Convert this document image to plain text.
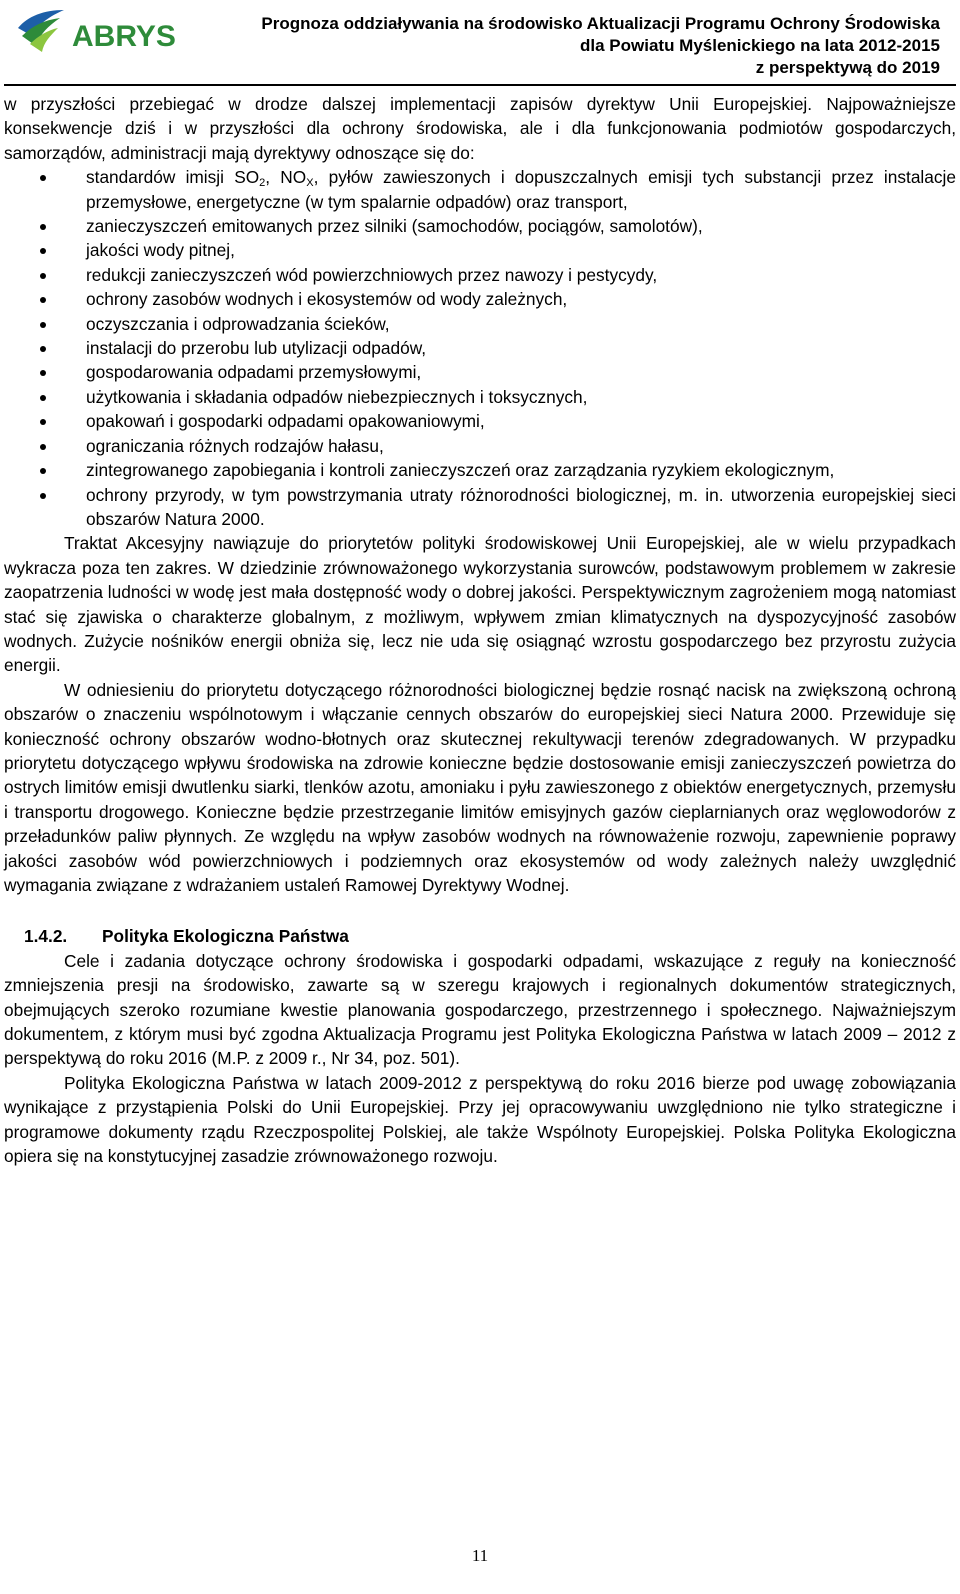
ABRYS	Prognoza oddziaływania na środowisko Aktualizacji Programu Ochrony Środowiska
dla Powiatu Myślenickiego na lata 2012-2015
z perspektywą do 2019

w przyszłości przebiegać w drodze dalszej implementacji zapisów dyrektyw Unii Europejskiej. Najpoważniejsze konsekwencje dziś i w przyszłości dla ochrony środowiska, ale i dla funkcjonowania podmiotów gospodarczych, samorządów, administracji mają dyrektywy odnoszące się do:

standardów imisji $SO_2$, $NO_X$, pyłów zawieszonych i dopuszczalnych emisji tych substancji przez instalacje przemysłowe, energetyczne (w tym spalarnie odpadów) oraz transport,
zanieczyszczeń emitowanych przez silniki (samochodów, pociągów, samolotów),
jakości wody pitnej,
redukcji zanieczyszczeń wód powierzchniowych przez nawozy i pestycydy,
ochrony zasobów wodnych i ekosystemów od wody zależnych,
oczyszczania i odprowadzania ścieków,
instalacji do przerobu lub utylizacji odpadów,
gospodarowania odpadami przemysłowymi,
użytkowania i składania odpadów niebezpiecznych i toksycznych,
opakowań i gospodarki odpadami opakowaniowymi,
ograniczania różnych rodzajów hałasu,
zintegrowanego zapobiegania i kontroli zanieczyszczeń oraz zarządzania ryzykiem ekologicznym,
ochrony przyrody, w tym powstrzymania utraty różnorodności biologicznej, m. in. utworzenia europejskiej sieci obszarów Natura 2000.

Traktat Akcesyjny nawiązuje do priorytetów polityki środowiskowej Unii Europejskiej, ale w wielu przypadkach wykracza poza ten zakres. W dziedzinie zrównoważonego wykorzystania surowców, podstawowym problemem w zakresie zaopatrzenia ludności w wodę jest mała dostępność wody o dobrej jakości. Perspektywicznym zagrożeniem mogą natomiast stać się zjawiska o charakterze globalnym, z możliwym, wpływem zmian klimatycznych na dyspozycyjność zasobów wodnych. Zużycie nośników energii obniża się, lecz nie uda się osiągnąć wzrostu gospodarczego bez przyrostu zużycia energii.

W odniesieniu do priorytetu dotyczącego różnorodności biologicznej będzie rosnąć nacisk na zwiększoną ochroną obszarów o znaczeniu wspólnotowym i włączanie cennych obszarów do europejskiej sieci Natura 2000. Przewiduje się konieczność ochrony obszarów wodno-błotnych oraz skutecznej rekultywacji terenów zdegradowanych. W przypadku priorytetu dotyczącego wpływu środowiska na zdrowie konieczne będzie dostosowanie emisji zanieczyszczeń powietrza do ostrych limitów emisji dwutlenku siarki, tlenków azotu, amoniaku i pyłu zawieszonego z obiektów energetycznych, przemysłu i transportu drogowego. Konieczne będzie przestrzeganie limitów emisyjnych gazów cieplarnianych oraz węglowodorów z przeładunków paliw płynnych. Ze względu na wpływ zasobów wodnych na równoważenie rozwoju, zapewnienie poprawy jakości zasobów wód powierzchniowych i podziemnych oraz ekosystemów od wody zależnych należy uwzględnić wymagania związane z wdrażaniem ustaleń Ramowej Dyrektywy Wodnej.

1.4.2. Polityka Ekologiczna Państwa

Cele i zadania dotyczące ochrony środowiska i gospodarki odpadami, wskazujące z reguły na konieczność zmniejszenia presji na środowisko, zawarte są w szeregu krajowych i regionalnych dokumentów strategicznych, obejmujących szeroko rozumiane kwestie planowania gospodarczego, przestrzennego i społecznego. Najważniejszym dokumentem, z którym musi być zgodna Aktualizacja Programu jest Polityka Ekologiczna Państwa w latach 2009 – 2012 z perspektywą do roku 2016 (M.P. z 2009 r., Nr 34, poz. 501).

Polityka Ekologiczna Państwa w latach 2009-2012 z perspektywą do roku 2016 bierze pod uwagę zobowiązania wynikające z przystąpienia Polski do Unii Europejskiej. Przy jej opracowywaniu uwzględniono nie tylko strategiczne i programowe dokumenty rządu Rzeczpospolitej Polskiej, ale także Wspólnoty Europejskiej. Polska Polityka Ekologiczna opiera się na konstytucyjnej zasadzie zrównoważonego rozwoju.

11
